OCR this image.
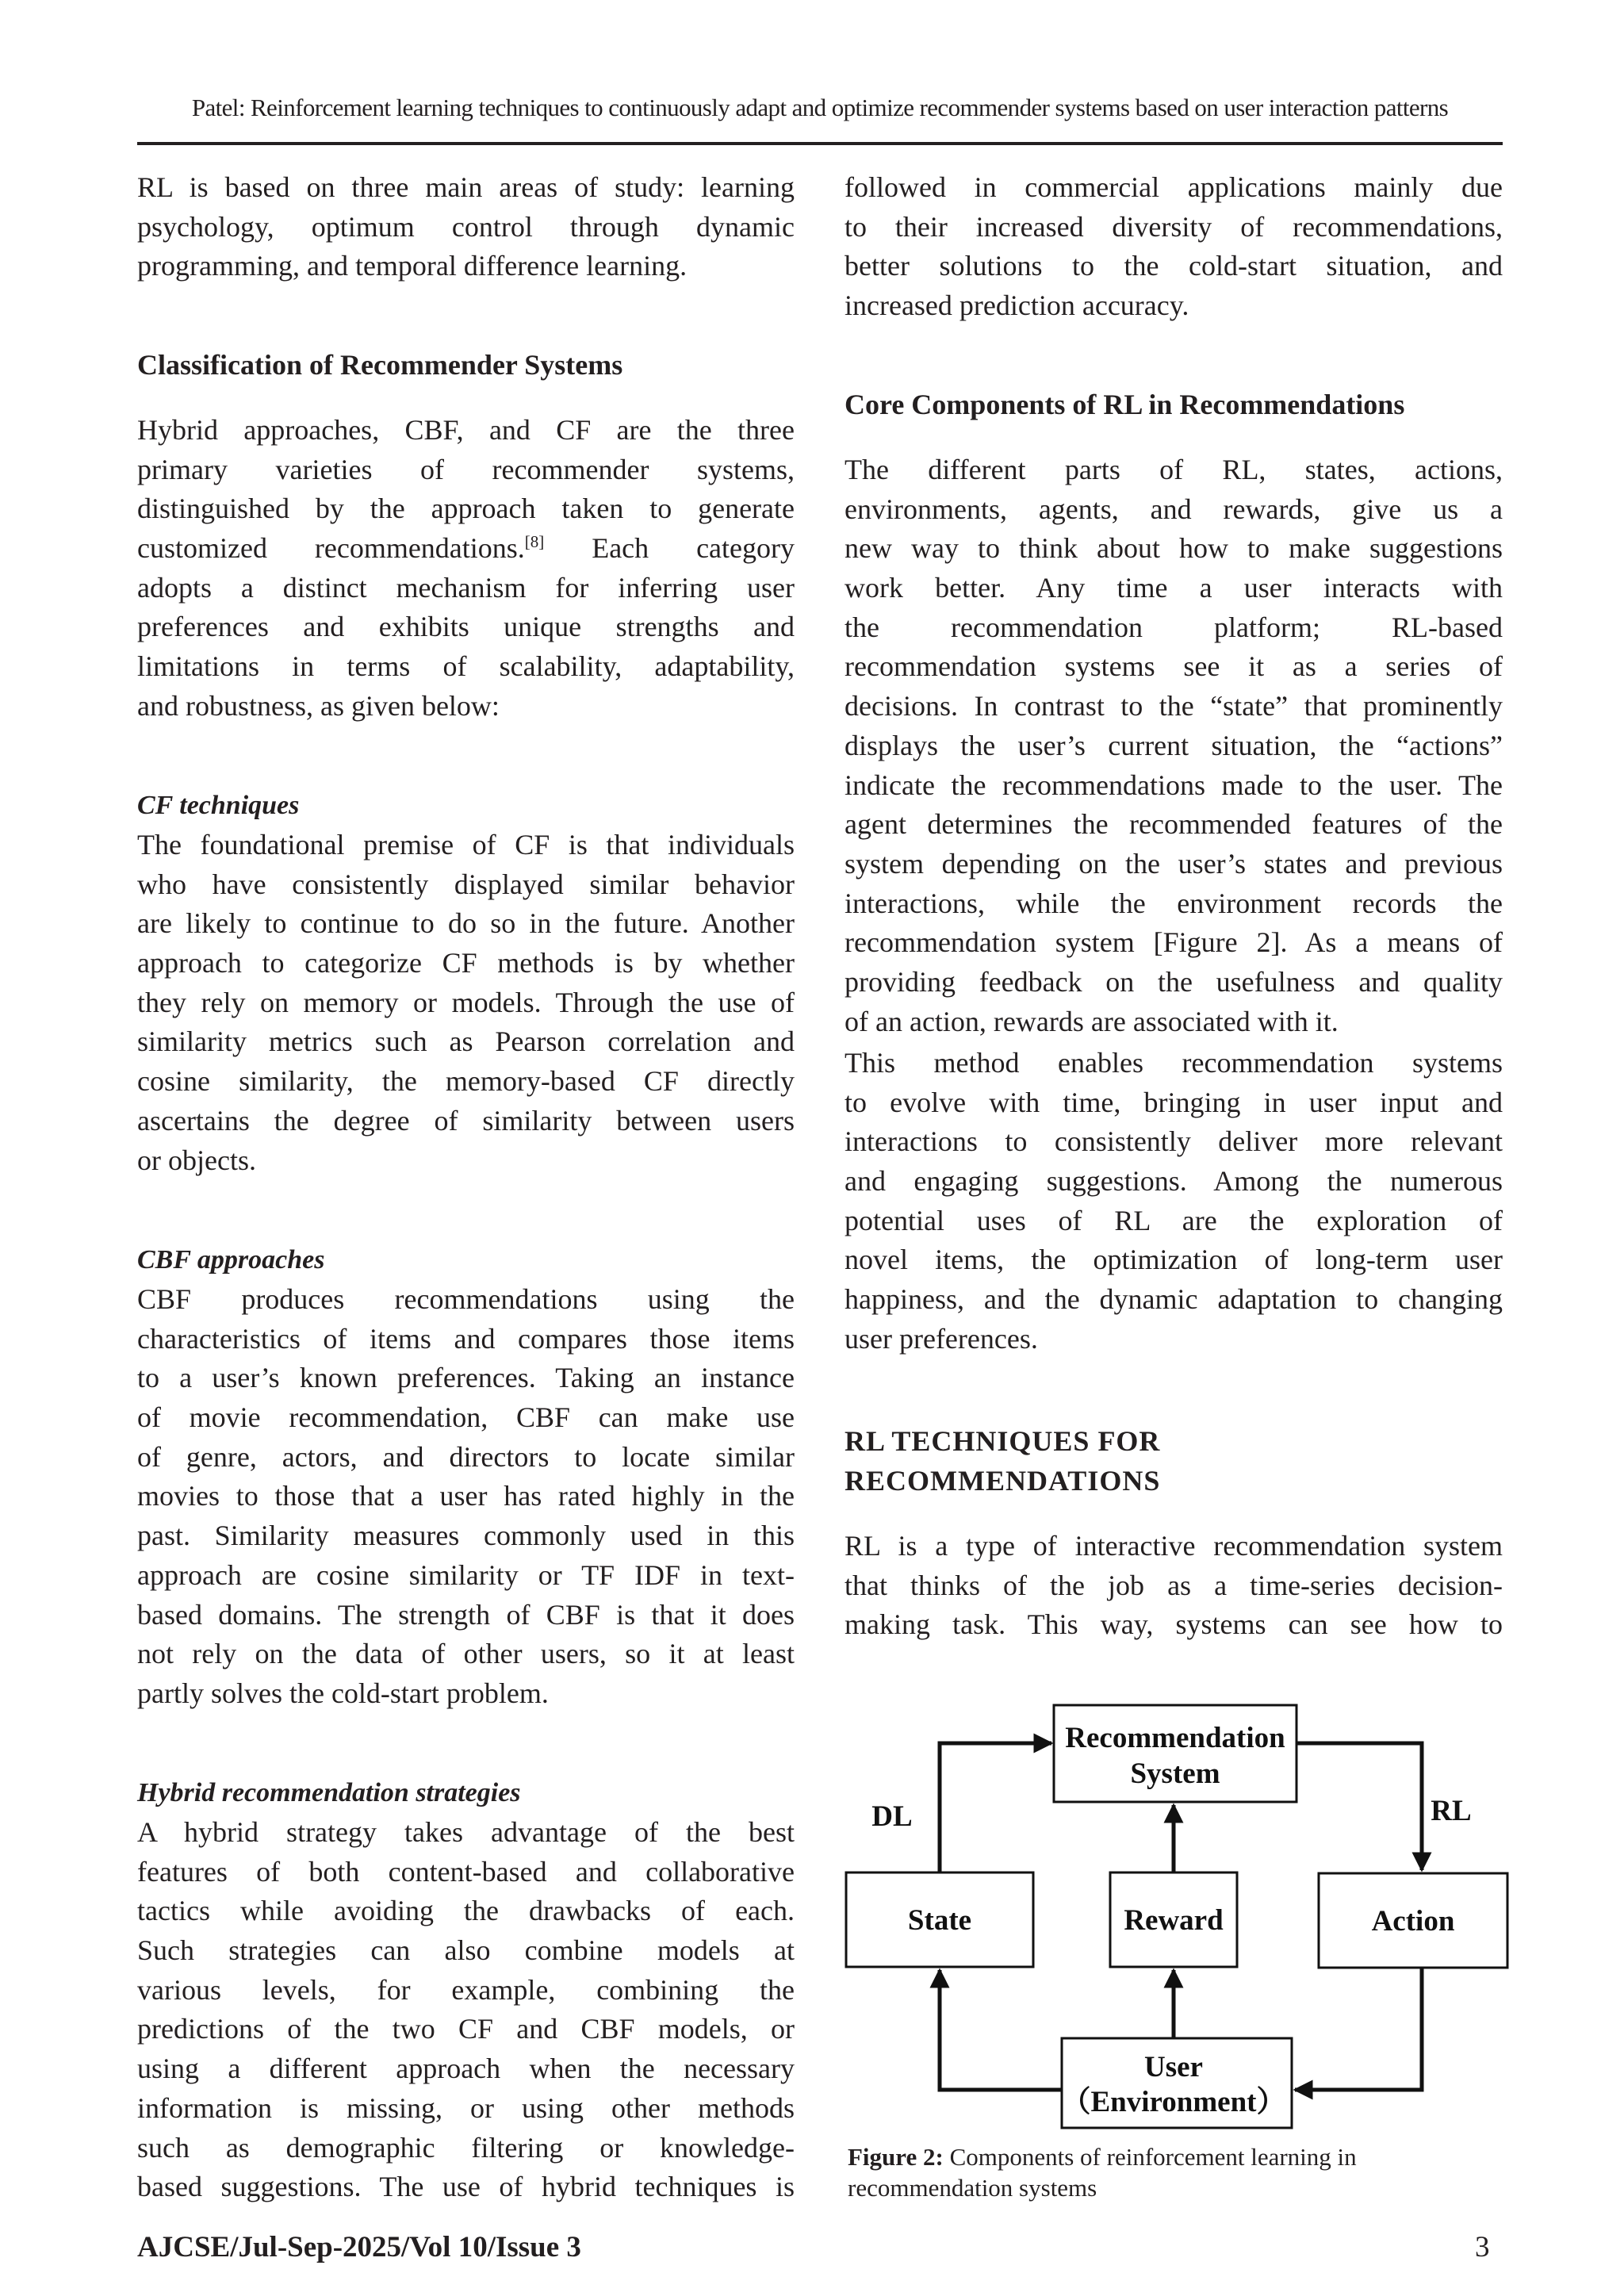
Patel: Reinforcement learning techniques to continuously adapt and optimize recommender systems based on user interaction patterns
RL is based on three main areas of study: learning
psychology, optimum control through dynamic
programming, and temporal difference learning.
Classification of Recommender Systems
Hybrid approaches, CBF, and CF are the three
primary varieties of recommender systems,
distinguished by the approach taken to generate
customized recommendations.[8] Each category
adopts a distinct mechanism for inferring user
preferences and exhibits unique strengths and
limitations in terms of scalability, adaptability,
and robustness, as given below:
CF techniques
The foundational premise of CF is that individuals
who have consistently displayed similar behavior
are likely to continue to do so in the future. Another
approach to categorize CF methods is by whether
they rely on memory or models. Through the use of
similarity metrics such as Pearson correlation and
cosine similarity, the memory-based CF directly
ascertains the degree of similarity between users
or objects.
CBF approaches
CBF produces recommendations using the
characteristics of items and compares those items
to a user’s known preferences. Taking an instance
of movie recommendation, CBF can make use
of genre, actors, and directors to locate similar
movies to those that a user has rated highly in the
past. Similarity measures commonly used in this
approach are cosine similarity or TF IDF in text-
based domains. The strength of CBF is that it does
not rely on the data of other users, so it at least
partly solves the cold-start problem.
Hybrid recommendation strategies
A hybrid strategy takes advantage of the best
features of both content-based and collaborative
tactics while avoiding the drawbacks of each.
Such strategies can also combine models at
various levels, for example, combining the
predictions of the two CF and CBF models, or
using a different approach when the necessary
information is missing, or using other methods
such as demographic filtering or knowledge-
based suggestions. The use of hybrid techniques is
followed in commercial applications mainly due
to their increased diversity of recommendations,
better solutions to the cold-start situation, and
increased prediction accuracy.
Core Components of RL in Recommendations
The different parts of RL, states, actions,
environments, agents, and rewards, give us a
new way to think about how to make suggestions
work better. Any time a user interacts with
the recommendation platform; RL-based
recommendation systems see it as a series of
decisions. In contrast to the “state” that prominently
displays the user’s current situation, the “actions”
indicate the recommendations made to the user. The
agent determines the recommended features of the
system depending on the user’s states and previous
interactions, while the environment records the
recommendation system [Figure 2]. As a means of
providing feedback on the usefulness and quality
of an action, rewards are associated with it.
This method enables recommendation systems
to evolve with time, bringing in user input and
interactions to consistently deliver more relevant
and engaging suggestions. Among the numerous
potential uses of RL are the exploration of
novel items, the optimization of long-term user
happiness, and the dynamic adaptation to changing
user preferences.
RL TECHNIQUES FOR
RECOMMENDATIONS
RL is a type of interactive recommendation system
that thinks of the job as a time-series decision-
making task. This way, systems can see how to
Recommendation
System
State	Reward	Action
User
（Environment）
DL	RL
Figure 2: Components of reinforcement learning in recommendation systems
AJCSE/Jul-Sep-2025/Vol 10/Issue 3	3
